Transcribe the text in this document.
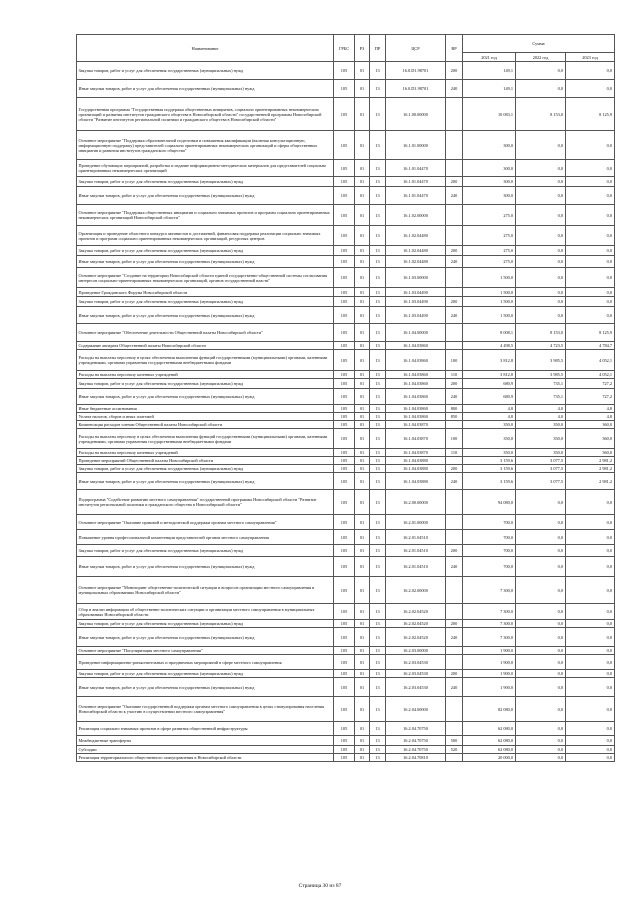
Наименование	ГРБС	РЗ	ПР	ЦСР	ВР	Сумма		
						2021 год	2022 год	2023 год
Закупка товаров, работ и услуг для обеспечения государственных (муниципальных) нужд	105	01	13	16.0.D1.98701	200	149,1	0,0	0,0
Иные закупки товаров, работ и услуг для обеспечения государственных (муниципальных) нужд	105	01	13	16.0.D1.98701	240	149,1	0,0	0,0
Государственная программа "Государственная поддержка общественных инициатив, социально ориентированных некоммерческих организаций и развития институтов гражданского общества в Новосибирской области" государственной программы Новосибирской области "Развитие институтов региональной политики и гражданского общества в Новосибирской области"	105	01	13	16.1.00.00000		10 083,1	8 153,0	8 125,9
Основное мероприятие "Поддержка образовательной подготовки и повышения квалификации (включая консультационную, информационную поддержку) представителей социально ориентированных некоммерческих организаций и сферы общественных инициатив и развития институтов гражданского общества"	105	01	13	16.1.01.00000		300,0	0,0	0,0
Проведение обучающих мероприятий, разработка и издание информационно-методических материалов для представителей социально ориентированных некоммерческих организаций	105	01	13	16.1.01.04470		300,0	0,0	0,0
Закупка товаров, работ и услуг для обеспечения государственных (муниципальных) нужд	105	01	13	16.1.01.04470	200	300,0	0,0	0,0
Иные закупки товаров, работ и услуг для обеспечения государственных (муниципальных) нужд	105	01	13	16.1.01.04470	240	300,0	0,0	0,0
Основное мероприятие "Поддержка общественных инициатив и социально значимых проектов и программ социально ориентированных некоммерческих организаций Новосибирской области"	105	01	13	16.1.02.00000		275,0	0,0	0,0
Организация и проведение областного конкурса активистов и достижений, финансовая поддержка реализации социально значимых проектов и программ социально ориентированных некоммерческих организаций, ресурсных центров	105	01	13	16.1.02.04480		275,0	0,0	0,0
Закупка товаров, работ и услуг для обеспечения государственных (муниципальных) нужд	105	01	13	16.1.02.04480	200	275,0	0,0	0,0
Иные закупки товаров, работ и услуг для обеспечения государственных (муниципальных) нужд	105	01	13	16.1.02.04480	240	275,0	0,0	0,0
Основное мероприятие "Создание на территории Новосибирской области единой государственно-общественной системы согласования интересов социально-ориентированных некоммерческих организаций, органов государственной власти"	105	01	13	16.1.03.00000		1 500,0	0,0	0,0
Проведение Гражданского Форума Новосибирской области	105	01	13	16.1.03.04490		1 500,0	0,0	0,0
Закупка товаров, работ и услуг для обеспечения государственных (муниципальных) нужд	105	01	13	16.1.03.04490	200	1 500,0	0,0	0,0
Иные закупки товаров, работ и услуг для обеспечения государственных (муниципальных) нужд	105	01	13	16.1.03.04490	240	1 500,0	0,0	0,0
Основное мероприятие "Обеспечение деятельности Общественной палаты Новосибирской области"	105	01	13	16.1.04.00000		8 008,1	8 153,0	8 125,9
Содержание аппарата Общественной палаты Новосибирской области	105	01	13	16.1.04.03860		4 498,5	4 723,5	4 784,7
Расходы на выплаты персоналу в целях обеспечения выполнения функций государственными (муниципальными) органами, казенными учреждениями, органами управления государственными внебюджетными фондами	105	01	13	16.1.04.03860	100	3 812,8	3 985,5	4 052,1
Расходы на выплаты персоналу казенных учреждений	105	01	13	16.1.04.03860	110	3 812,8	3 985,5	4 052,1
Закупка товаров, работ и услуг для обеспечения государственных (муниципальных) нужд	105	01	13	16.1.04.03860	200	680,9	735,1	727,2
Иные закупки товаров, работ и услуг для обеспечения государственных (муниципальных) нужд	105	01	13	16.1.04.03860	240	680,9	735,1	727,2
Иные бюджетные ассигнования	105	01	13	16.1.04.03860	800	4,8	4,0	4,8
Уплата налогов, сборов и иных платежей	105	01	13	16.1.04.03860	850	4,8	4,0	4,8
Компенсация расходов членам Общественной палаты Новосибирской области	105	01	13	16.1.04.03870		350,0	350,0	360,0
Расходы на выплаты персоналу в целях обеспечения выполнения функций государственными (муниципальными) органами, казенными учреждениями, органами управления государственными внебюджетными фондами	105	01	13	16.1.04.03870	100	350,0	350,0	360,0
Расходы на выплаты персоналу казенных учреждений	105	01	13	16.1.04.03870	110	350,0	350,0	360,0
Проведение мероприятий Общественной палаты Новосибирской области	105	01	13	16.1.04.03880		3 159,6	3 077,5	2 981,2
Закупка товаров, работ и услуг для обеспечения государственных (муниципальных) нужд	105	01	13	16.1.04.03880	200	3 159,6	3 077,5	2 981,2
Иные закупки товаров, работ и услуг для обеспечения государственных (муниципальных) нужд	105	01	13	16.1.04.03880	240	3 159,6	3 077,5	2 981,2
Подпрограмма "Содействие развитию местного самоуправления" государственной программы Новосибирской области "Развитие институтов региональной политики и гражданского общества в Новосибирской области"	105	01	13	16.2.00.00000		94 080,0	0,0	0,0
Основное мероприятие "Оказание правовой и методической поддержки органам местного самоуправления"	105	01	13	16.2.01.00000		700,0	0,0	0,0
Повышение уровня профессиональной компетенции представителей органов местного самоуправления	105	01	13	16.2.01.04510		700,0	0,0	0,0
Закупка товаров, работ и услуг для обеспечения государственных (муниципальных) нужд	105	01	13	16.2.01.04510	200	700,0	0,0	0,0
Иные закупки товаров, работ и услуг для обеспечения государственных (муниципальных) нужд	105	01	13	16.2.01.04510	240	700,0	0,0	0,0
Основное мероприятие "Мониторинг общественно-политической ситуации и вопросов организации местного самоуправления в муниципальных образованиях Новосибирской области"	105	01	13	16.2.02.00000		7 300,0	0,0	0,0
Сбор и анализ информации об общественно-политических ситуации и организации местного самоуправления в муниципальных образованиях Новосибирской области	105	01	13	16.2.02.04520		7 300,0	0,0	0,0
Закупка товаров, работ и услуг для обеспечения государственных (муниципальных) нужд	105	01	13	16.2.02.04520	200	7 300,0	0,0	0,0
Иные закупки товаров, работ и услуг для обеспечения государственных (муниципальных) нужд	105	01	13	16.2.02.04520	240	7 300,0	0,0	0,0
Основное мероприятие "Популяризация местного самоуправления"	105	01	13	16.2.03.00000		1 900,0	0,0	0,0
Проведение информационно-разъяснительных и праздничных мероприятий в сфере местного самоуправления	105	01	13	16.2.03.04530		1 900,0	0,0	0,0
Закупка товаров, работ и услуг для обеспечения государственных (муниципальных) нужд	105	01	13	16.2.03.04530	200	1 900,0	0,0	0,0
Иные закупки товаров, работ и услуг для обеспечения государственных (муниципальных) нужд	105	01	13	16.2.03.04530	240	1 900,0	0,0	0,0
Основное мероприятие "Оказание государственной поддержки органам местного самоуправления в целях стимулирования населения Новосибирской области к участию в осуществлении местного самоуправления"	105	01	13	16.2.04.00000		82 080,0	0,0	0,0
Реализация социально значимых проектов в сфере развития общественной инфраструктуры	105	01	13	16.2.04.70750		62 080,0	0,0	0,0
Межбюджетные трансферты	105	01	13	16.2.04.70750	500	62 080,0	0,0	0,0
Субсидии	105	01	13	16.2.04.70750	520	62 080,0	0,0	0,0
Реализация территориального общественного самоуправления в Новосибирской области	105	01	13	16.2.04.70810		20 000,0	0,0	0,0
Страница 30 из 87
